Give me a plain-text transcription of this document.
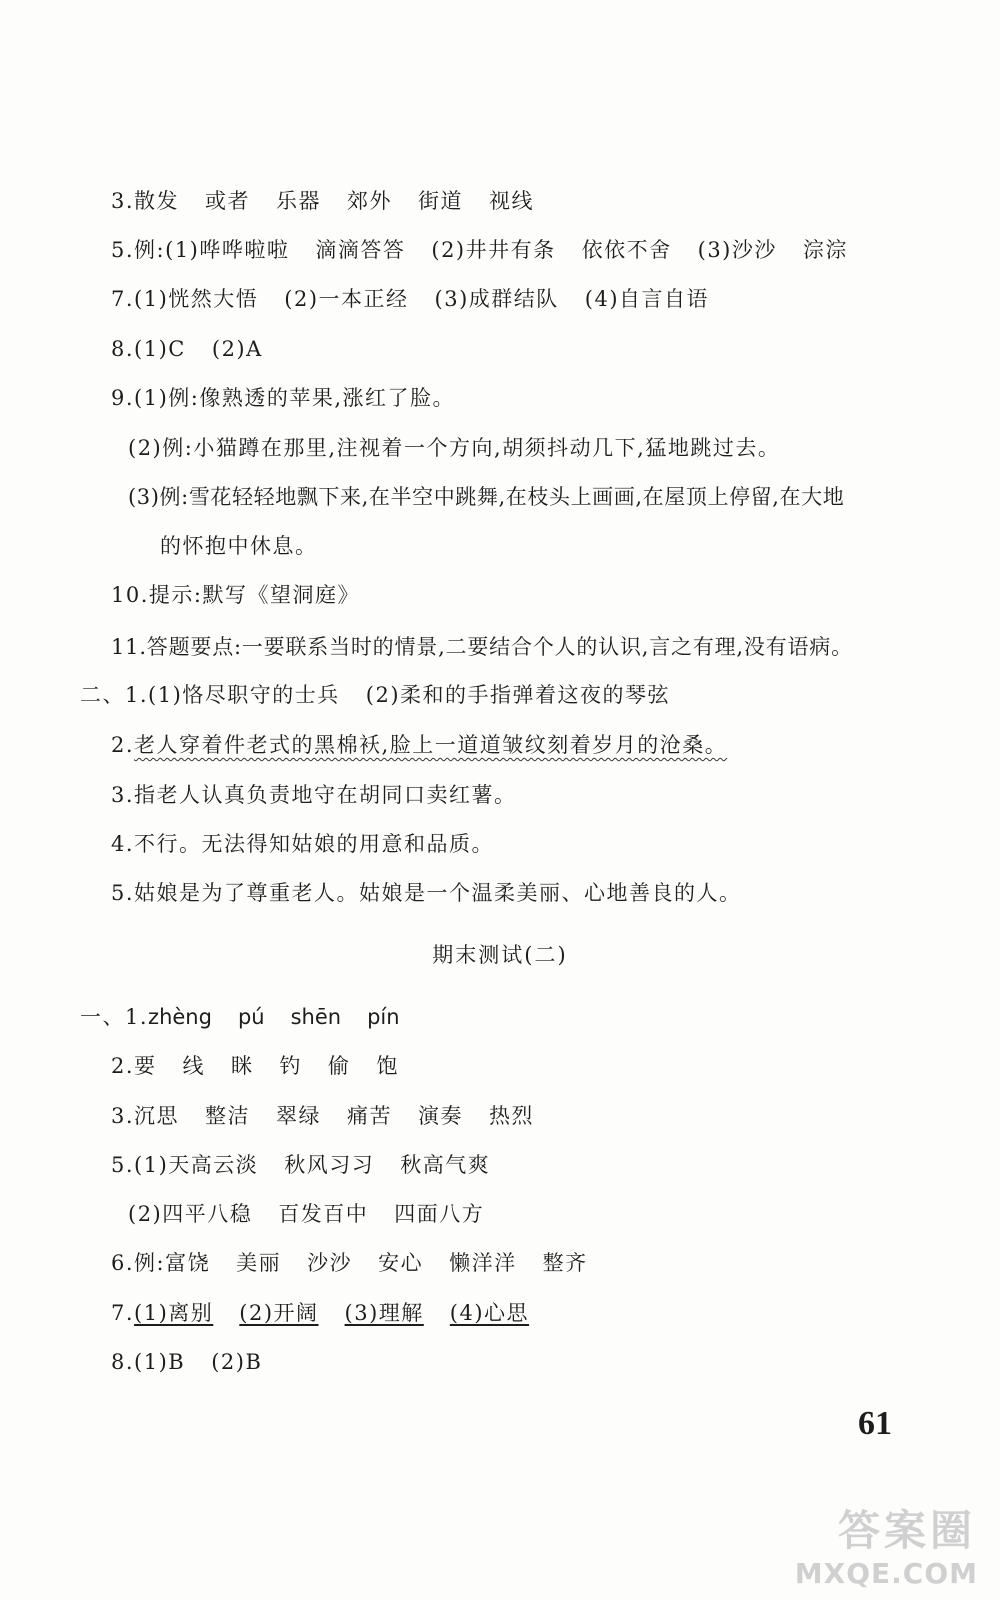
3.散发 或者 乐器 郊外 街道 视线
5.例:(1)哗哗啦啦 滴滴答答 (2)井井有条 依依不舍 (3)沙沙 淙淙
7.(1)恍然大悟 (2)一本正经 (3)成群结队 (4)自言自语
8.(1)C (2)A
9.(1)例:像熟透的苹果,涨红了脸。
(2)例:小猫蹲在那里,注视着一个方向,胡须抖动几下,猛地跳过去。
(3)例:雪花轻轻地飘下来,在半空中跳舞,在枝头上画画,在屋顶上停留,在大地
的怀抱中休息。
10.提示:默写《望洞庭》
11.答题要点:一要联系当时的情景,二要结合个人的认识,言之有理,没有语病。
二、1.(1)恪尽职守的士兵 (2)柔和的手指弹着这夜的琴弦
2.老人穿着件老式的黑棉袄,脸上一道道皱纹刻着岁月的沧桑。
3.指老人认真负责地守在胡同口卖红薯。
4.不行。无法得知姑娘的用意和品质。
5.姑娘是为了尊重老人。姑娘是一个温柔美丽、心地善良的人。
期末测试(二)
一、1.zhèng pú shēn pín
2.要 线 眯 钓 偷 饱
3.沉思 整洁 翠绿 痛苦 演奏 热烈
5.(1)天高云淡 秋风习习 秋高气爽
(2)四平八稳 百发百中 四面八方
6.例:富饶 美丽 沙沙 安心 懒洋洋 整齐
7.(1)离别 (2)开阔 (3)理解 (4)心思
8.(1)B (2)B
61
答案圈
MXQE.COM
